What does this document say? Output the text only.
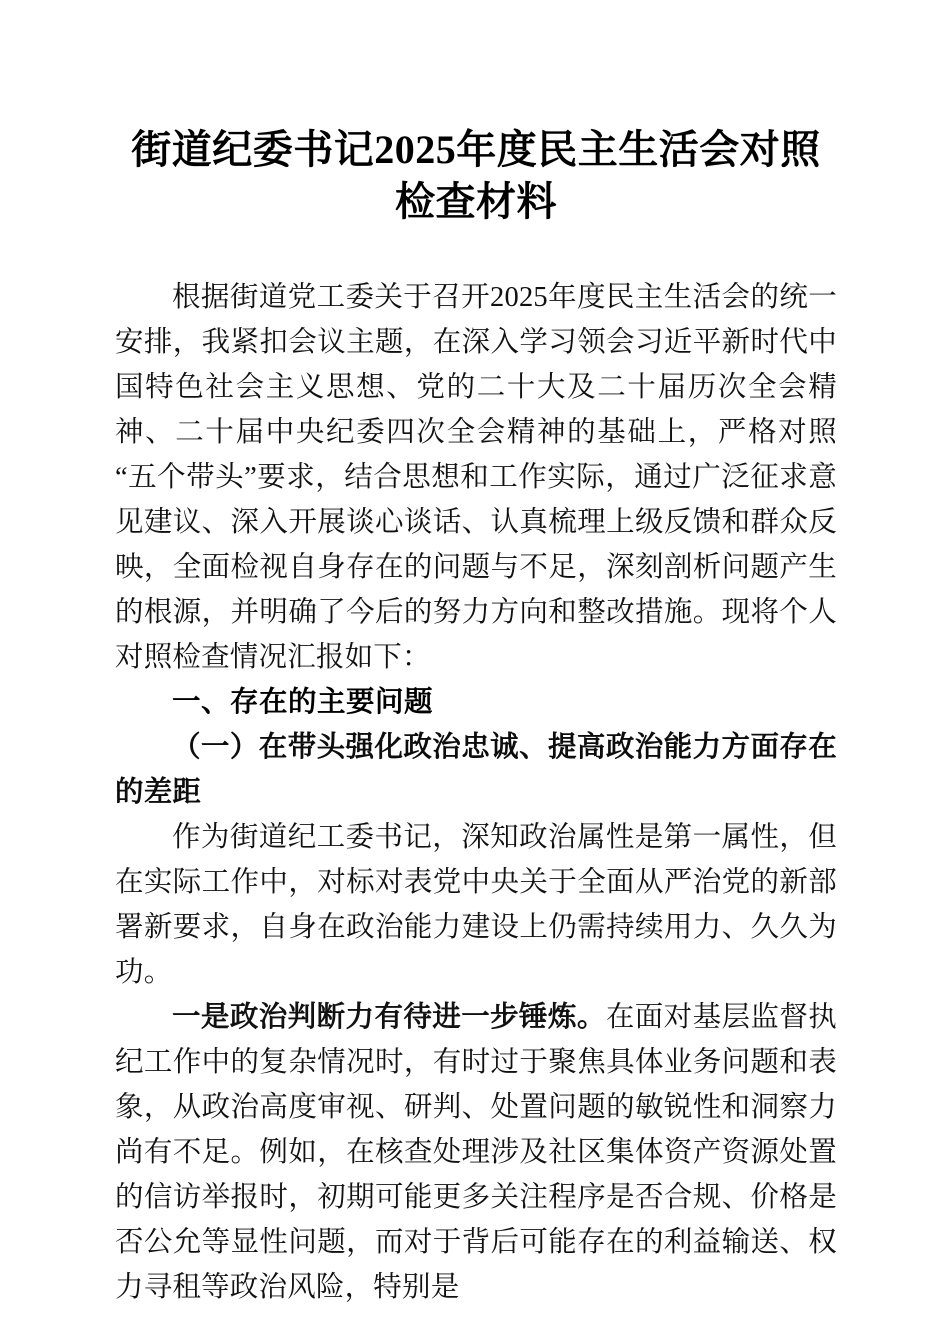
街道纪委书记2025年度民主生活会对照检查材料

根据街道党工委关于召开2025年度民主生活会的统一安排，我紧扣会议主题，在深入学习领会习近平新时代中国特色社会主义思想、党的二十大及二十届历次全会精神、二十届中央纪委四次全会精神的基础上，严格对照“五个带头”要求，结合思想和工作实际，通过广泛征求意见建议、深入开展谈心谈话、认真梳理上级反馈和群众反映，全面检视自身存在的问题与不足，深刻剖析问题产生的根源，并明确了今后的努力方向和整改措施。现将个人对照检查情况汇报如下：

一、存在的主要问题
（一）在带头强化政治忠诚、提高政治能力方面存在的差距

作为街道纪工委书记，深知政治属性是第一属性，但在实际工作中，对标对表党中央关于全面从严治党的新部署新要求，自身在政治能力建设上仍需持续用力、久久为功。

一是政治判断力有待进一步锤炼。在面对基层监督执纪工作中的复杂情况时，有时过于聚焦具体业务问题和表象，从政治高度审视、研判、处置问题的敏锐性和洞察力尚有不足。例如，在核查处理涉及社区集体资产资源处置的信访举报时，初期可能更多关注程序是否合规、价格是否公允等显性问题，而对于背后可能存在的利益输送、权力寻租等政治风险，特别是
